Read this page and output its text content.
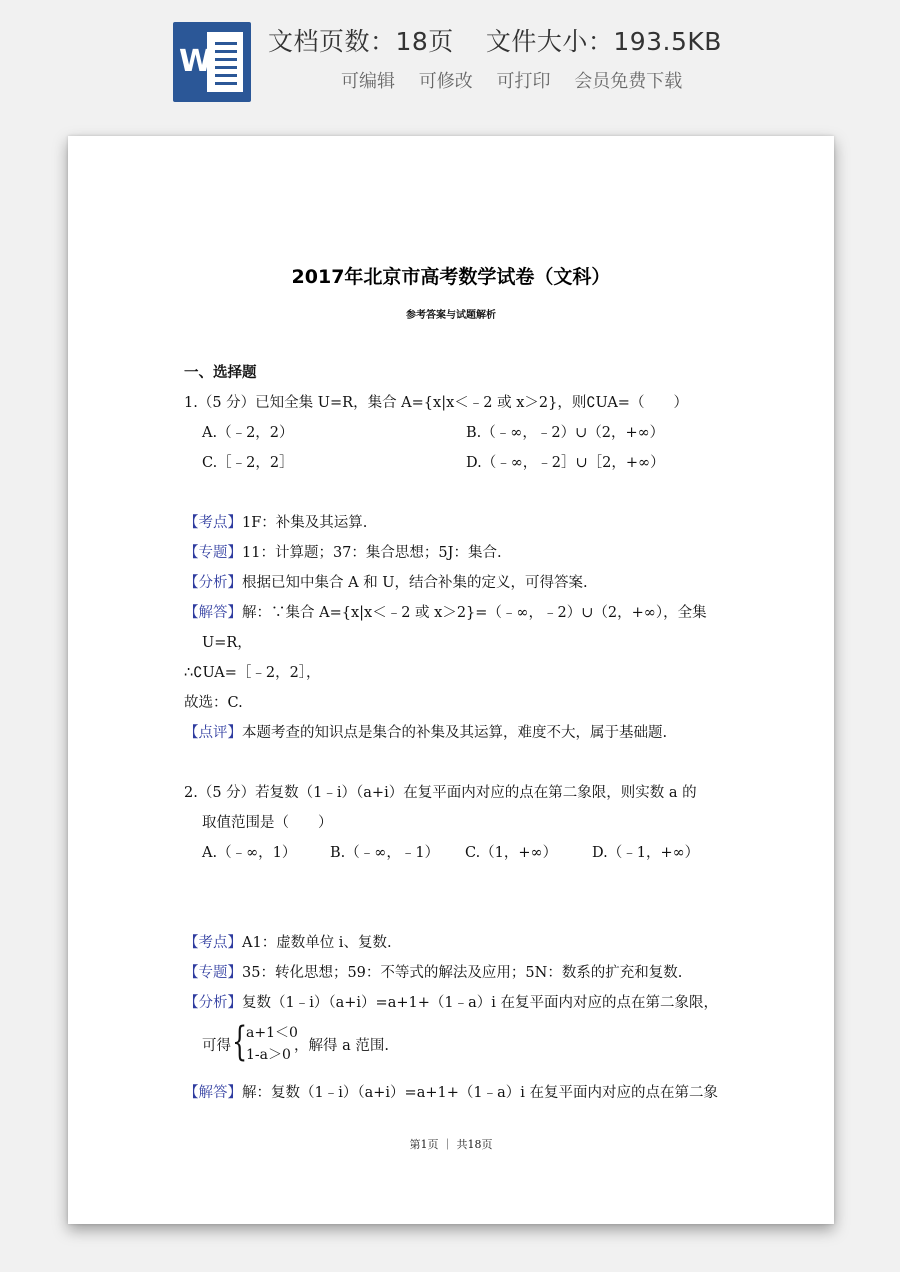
W
文档页数：18页 文件大小：193.5KB
可编辑 可修改 可打印 会员免费下载
2017年北京市高考数学试卷（文科）
参考答案与试题解析
一、选择题
1.（5 分）已知全集 U=R，集合 A={x|x＜﹣2 或 x＞2}，则∁UA=（　　）
A.（﹣2，2）	B.（﹣∞，﹣2）∪（2，+∞）
C.［﹣2，2］	D.（﹣∞，﹣2］∪［2，+∞）
【考点】1F：补集及其运算.
【专题】11：计算题；37：集合思想；5J：集合.
【分析】根据已知中集合 A 和 U，结合补集的定义，可得答案.
【解答】解：∵集合 A={x|x＜﹣2 或 x＞2}=（﹣∞，﹣2）∪（2，+∞），全集
U=R，
∴∁UA=［﹣2，2］，
故选：C.
【点评】本题考查的知识点是集合的补集及其运算，难度不大，属于基础题.
2.（5 分）若复数（1﹣i）（a+i）在复平面内对应的点在第二象限，则实数 a 的
取值范围是（　　）
A.（﹣∞，1） B.（﹣∞，﹣1） C.（1，+∞） D.（﹣1，+∞）
【考点】A1：虚数单位 i、复数.
【专题】35：转化思想；59：不等式的解法及应用；5N：数系的扩充和复数.
【分析】复数（1﹣i）（a+i）=a+1+（1﹣a）i 在复平面内对应的点在第二象限，
可得 {
a+1＜0
1-a＞0
，解得 a 范围.
【解答】解：复数（1﹣i）（a+i）=a+1+（1﹣a）i 在复平面内对应的点在第二象
第1页 ｜ 共18页
